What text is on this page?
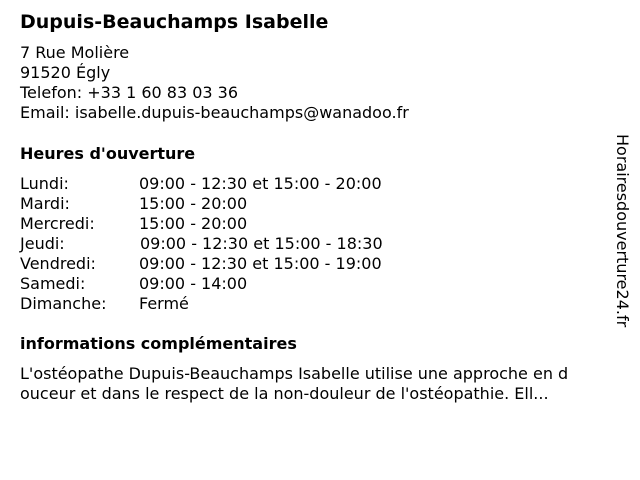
Dupuis-Beauchamps Isabelle
7 Rue Molière
91520 Égly
Telefon: +33 1 60 83 03 36
Email: isabelle.dupuis-beauchamps@wanadoo.fr
Heures d'ouverture
Lundi:	09:00 - 12:30 et 15:00 - 20:00
Mardi:	15:00 - 20:00
Mercredi:	15:00 - 20:00
Jeudi:	09:00 - 12:30 et 15:00 - 18:30
Vendredi:	09:00 - 12:30 et 15:00 - 19:00
Samedi:	09:00 - 14:00
Dimanche:	Fermé
informations complémentaires
L'ostéopathe Dupuis-Beauchamps Isabelle utilise une approche en d
ouceur et dans le respect de la non-douleur de l'ostéopathie. Ell...
Horairesdouverture24.fr
